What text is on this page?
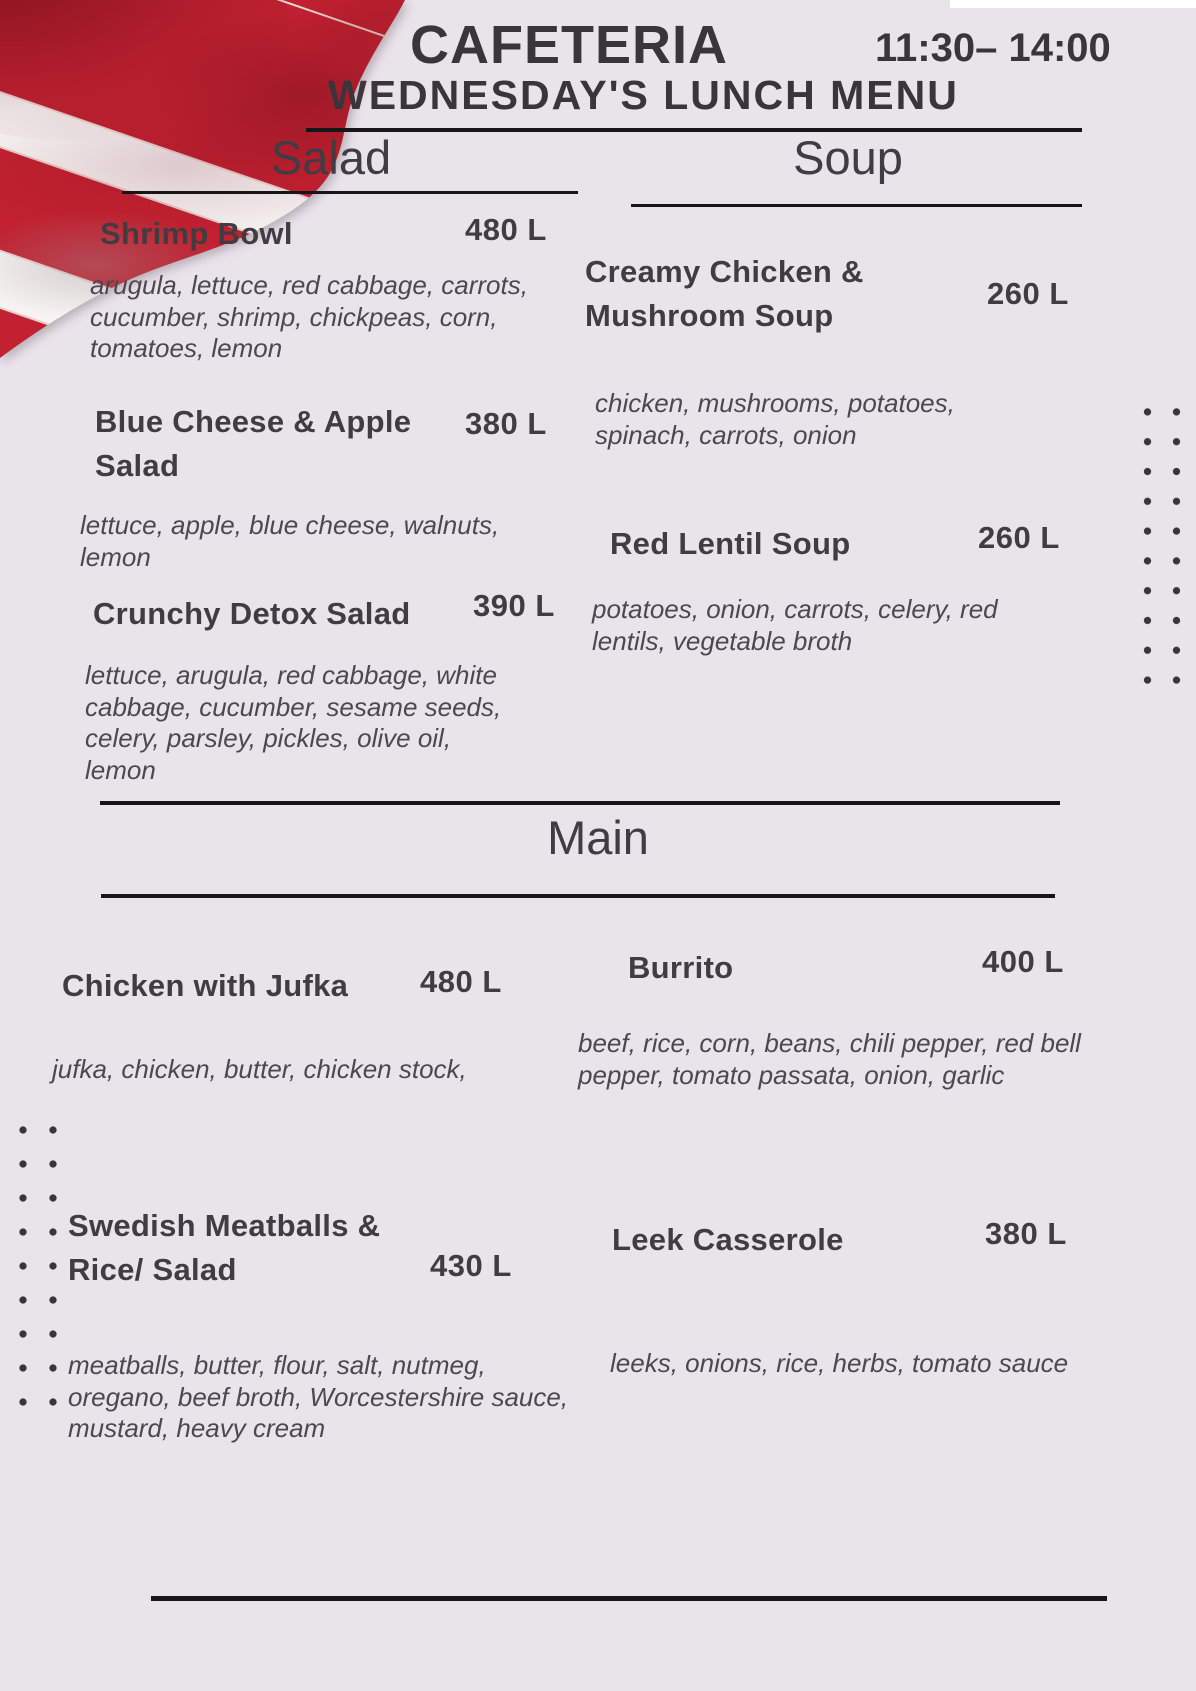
CAFETERIA	11:30– 14:00
WEDNESDAY'S LUNCH MENU
Salad
Shrimp Bowl	480 L
arugula, lettuce, red cabbage, carrots, cucumber, shrimp, chickpeas, corn, tomatoes, lemon
Blue Cheese & Apple Salad
380 L
lettuce, apple, blue cheese, walnuts, lemon
Crunchy Detox Salad 390 L
lettuce, arugula, red cabbage, white cabbage, cucumber, sesame seeds, celery, parsley, pickles, olive oil, lemon
Soup
Creamy Chicken & Mushroom Soup
260 L
chicken, mushrooms, potatoes, spinach, carrots, onion
Red Lentil Soup	260 L
potatoes, onion, carrots, celery, red lentils, vegetable broth
Main
Chicken with Jufka 480 L
jufka, chicken, butter, chicken stock,
Burrito	400 L
beef, rice, corn, beans, chili pepper, red bell pepper, tomato passata, onion, garlic
Swedish Meatballs & Rice/ Salad	430 L
meatballs, butter, flour, salt, nutmeg, oregano, beef broth, Worcestershire sauce, mustard, heavy cream
Leek Casserole	380 L
leeks, onions, rice, herbs, tomato sauce
